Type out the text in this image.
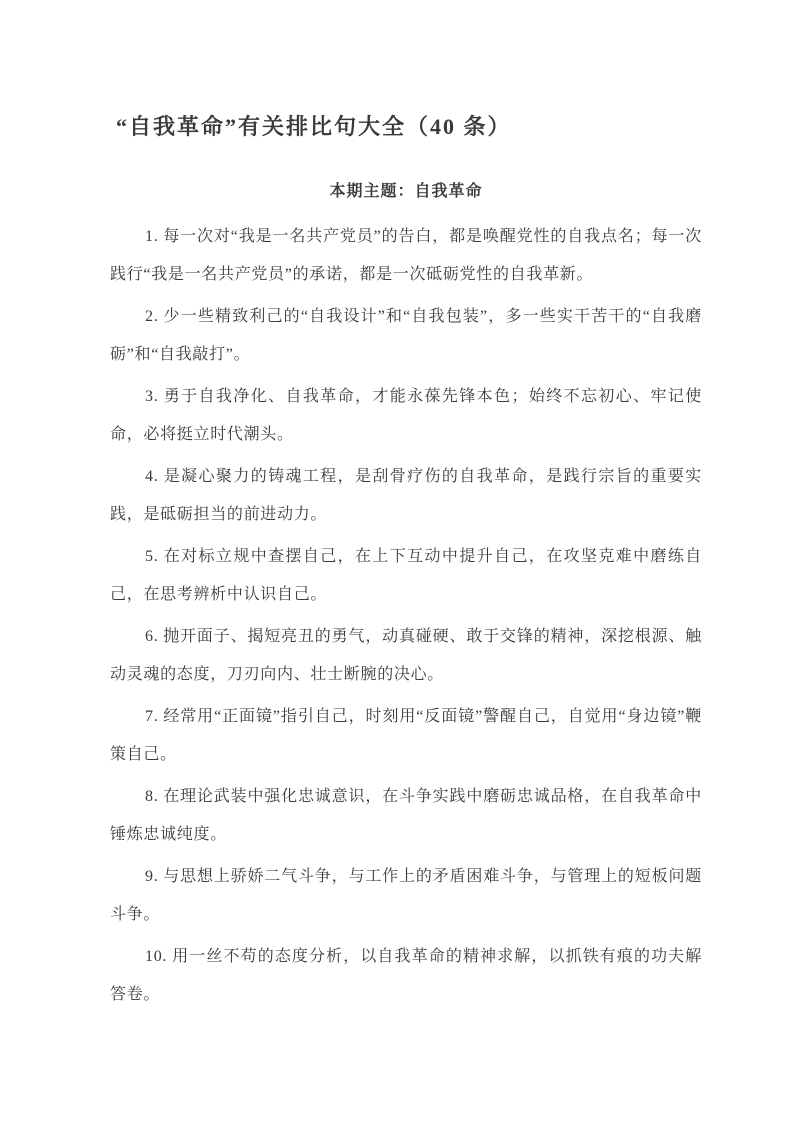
“自我革命”有关排比句大全（40 条）
本期主题：自我革命

1. 每一次对“我是一名共产党员”的告白，都是唤醒党性的自我点名；每一次践行“我是一名共产党员”的承诺，都是一次砥砺党性的自我革新。

2. 少一些精致利己的“自我设计”和“自我包装”，多一些实干苦干的“自我磨砺”和“自我敲打”。

3. 勇于自我净化、自我革命，才能永葆先锋本色；始终不忘初心、牢记使命，必将挺立时代潮头。

4. 是凝心聚力的铸魂工程，是刮骨疗伤的自我革命，是践行宗旨的重要实践，是砥砺担当的前进动力。

5. 在对标立规中查摆自己，在上下互动中提升自己，在攻坚克难中磨练自己，在思考辨析中认识自己。

6. 抛开面子、揭短亮丑的勇气，动真碰硬、敢于交锋的精神，深挖根源、触动灵魂的态度，刀刃向内、壮士断腕的决心。

7. 经常用“正面镜”指引自己，时刻用“反面镜”警醒自己，自觉用“身边镜”鞭策自己。

8. 在理论武装中强化忠诚意识，在斗争实践中磨砺忠诚品格，在自我革命中锤炼忠诚纯度。

9. 与思想上骄娇二气斗争，与工作上的矛盾困难斗争，与管理上的短板问题斗争。

10. 用一丝不苟的态度分析，以自我革命的精神求解，以抓铁有痕的功夫解答卷。
